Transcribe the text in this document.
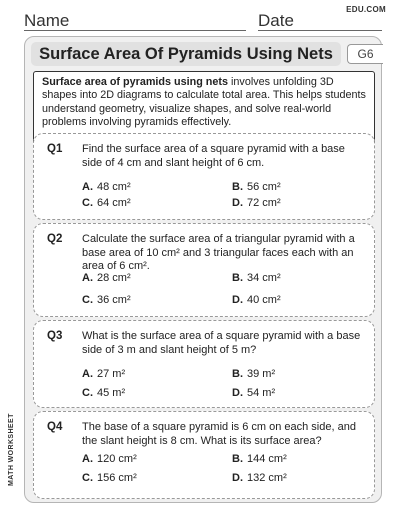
EDU.COM
Name	Date
MATH WORKSHEET
Surface Area Of Pyramids Using Nets G6
Surface area of pyramids using nets involves unfolding 3D shapes into 2D diagrams to calculate total area. This helps students understand geometry, visualize shapes, and solve real-world problems involving pyramids effectively.
Q1 Find the surface area of a square pyramid with a base side of 4 cm and slant height of 6 cm.
A. 48 cm²	B. 56 cm²
C. 64 cm²	D. 72 cm²
Q2 Calculate the surface area of a triangular pyramid with a base area of 10 cm² and 3 triangular faces each with an area of 6 cm².
A. 28 cm²	B. 34 cm²
C. 36 cm²	D. 40 cm²
Q3 What is the surface area of a square pyramid with a base side of 3 m and slant height of 5 m?
A. 27 m²	B. 39 m²
C. 45 m²	D. 54 m²
Q4 The base of a square pyramid is 6 cm on each side, and the slant height is 8 cm. What is its surface area?
A. 120 cm²	B. 144 cm²
C. 156 cm²	D. 132 cm²
